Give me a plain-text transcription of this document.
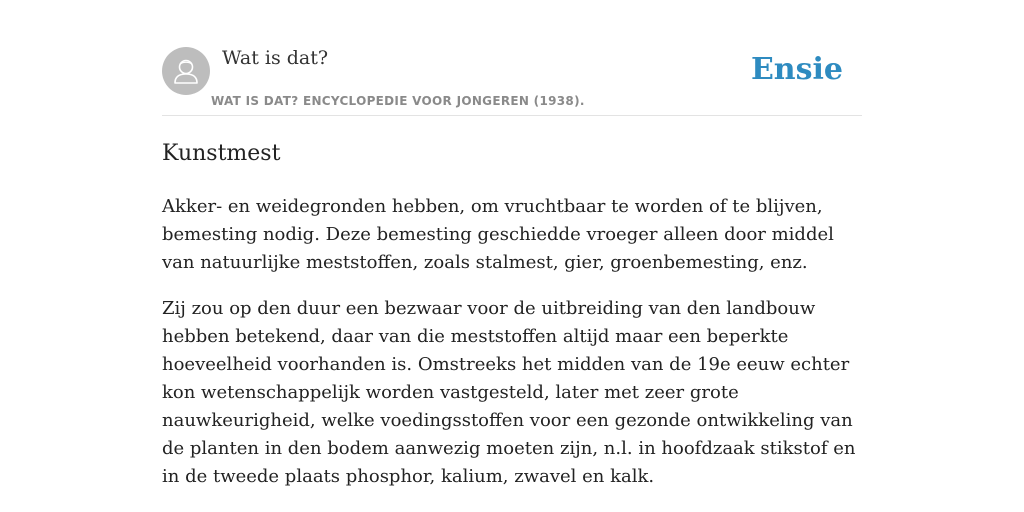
Wat is dat?
WAT IS DAT? ENCYCLOPEDIE VOOR JONGEREN (1938).
Ensie
Kunstmest

Akker- en weidegronden hebben, om vruchtbaar te worden of te blijven, bemesting nodig. Deze bemesting geschiedde vroeger alleen door middel van natuurlijke meststoffen, zoals stalmest, gier, groenbemesting, enz.

Zij zou op den duur een bezwaar voor de uitbreiding van den landbouw hebben betekend, daar van die meststoffen altijd maar een beperkte hoeveelheid voorhanden is. Omstreeks het midden van de 19e eeuw echter kon wetenschappelijk worden vastgesteld, later met zeer grote nauwkeurigheid, welke voedingsstoffen voor een gezonde ontwikkeling van de planten in den bodem aanwezig moeten zijn, n.l. in hoofdzaak stikstof en in de tweede plaats phosphor, kalium, zwavel en kalk.
